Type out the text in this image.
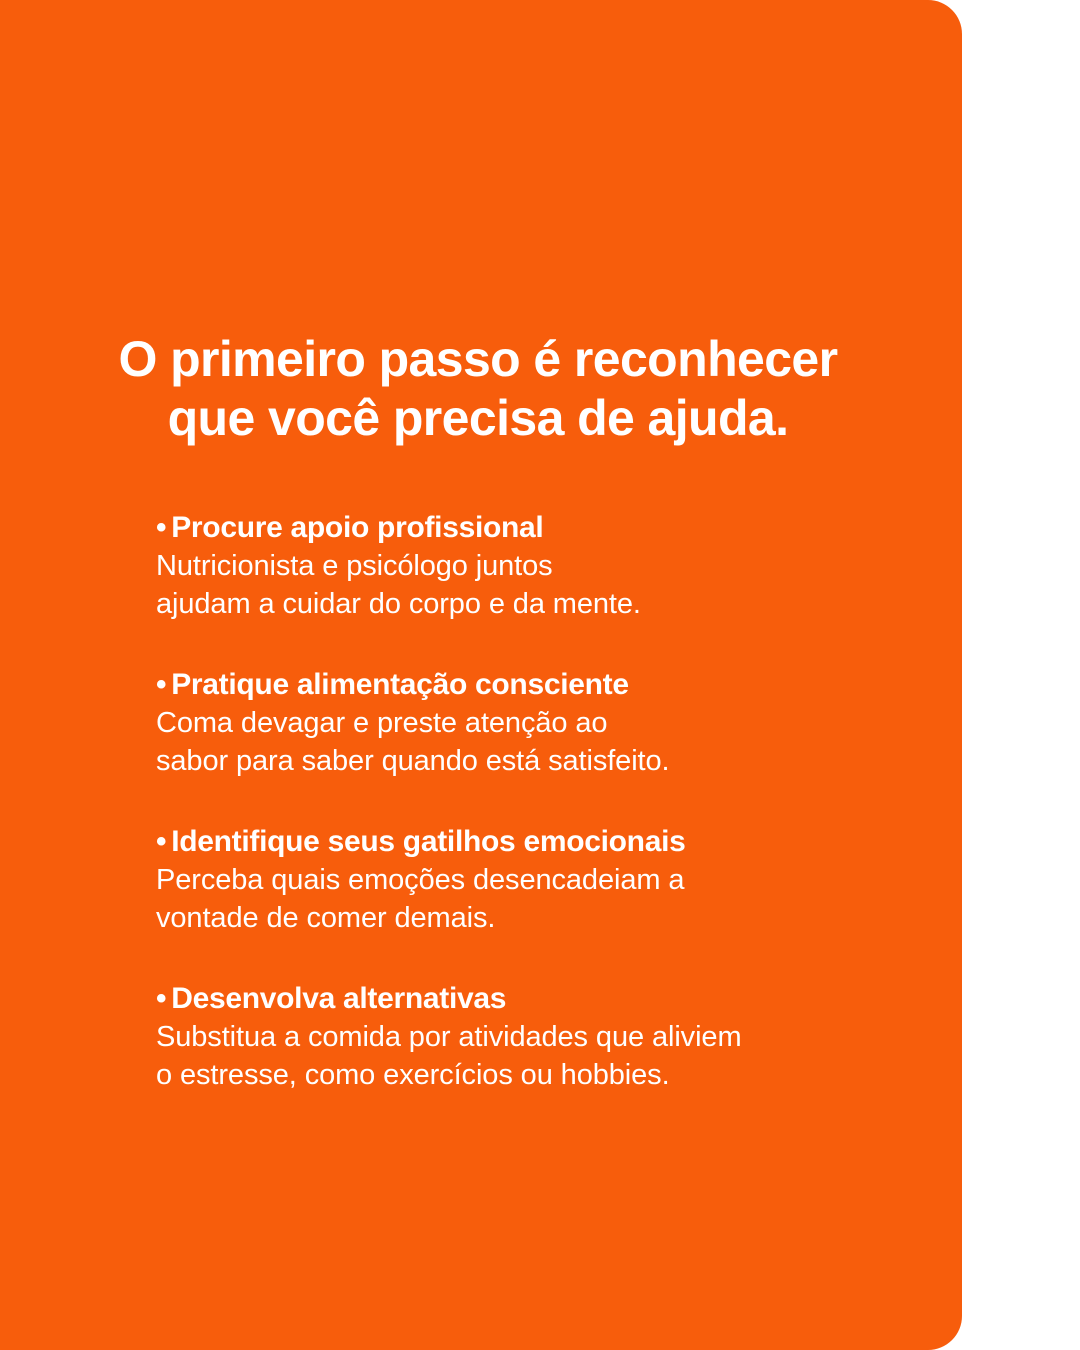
O primeiro passo é reconhecer
que você precisa de ajuda.
• Procure apoio profissional
Nutricionista e psicólogo juntos
ajudam a cuidar do corpo e da mente.
• Pratique alimentação consciente
Coma devagar e preste atenção ao
sabor para saber quando está satisfeito.
• Identifique seus gatilhos emocionais
Perceba quais emoções desencadeiam a
vontade de comer demais.
• Desenvolva alternativas
Substitua a comida por atividades que aliviem
o estresse, como exercícios ou hobbies.
